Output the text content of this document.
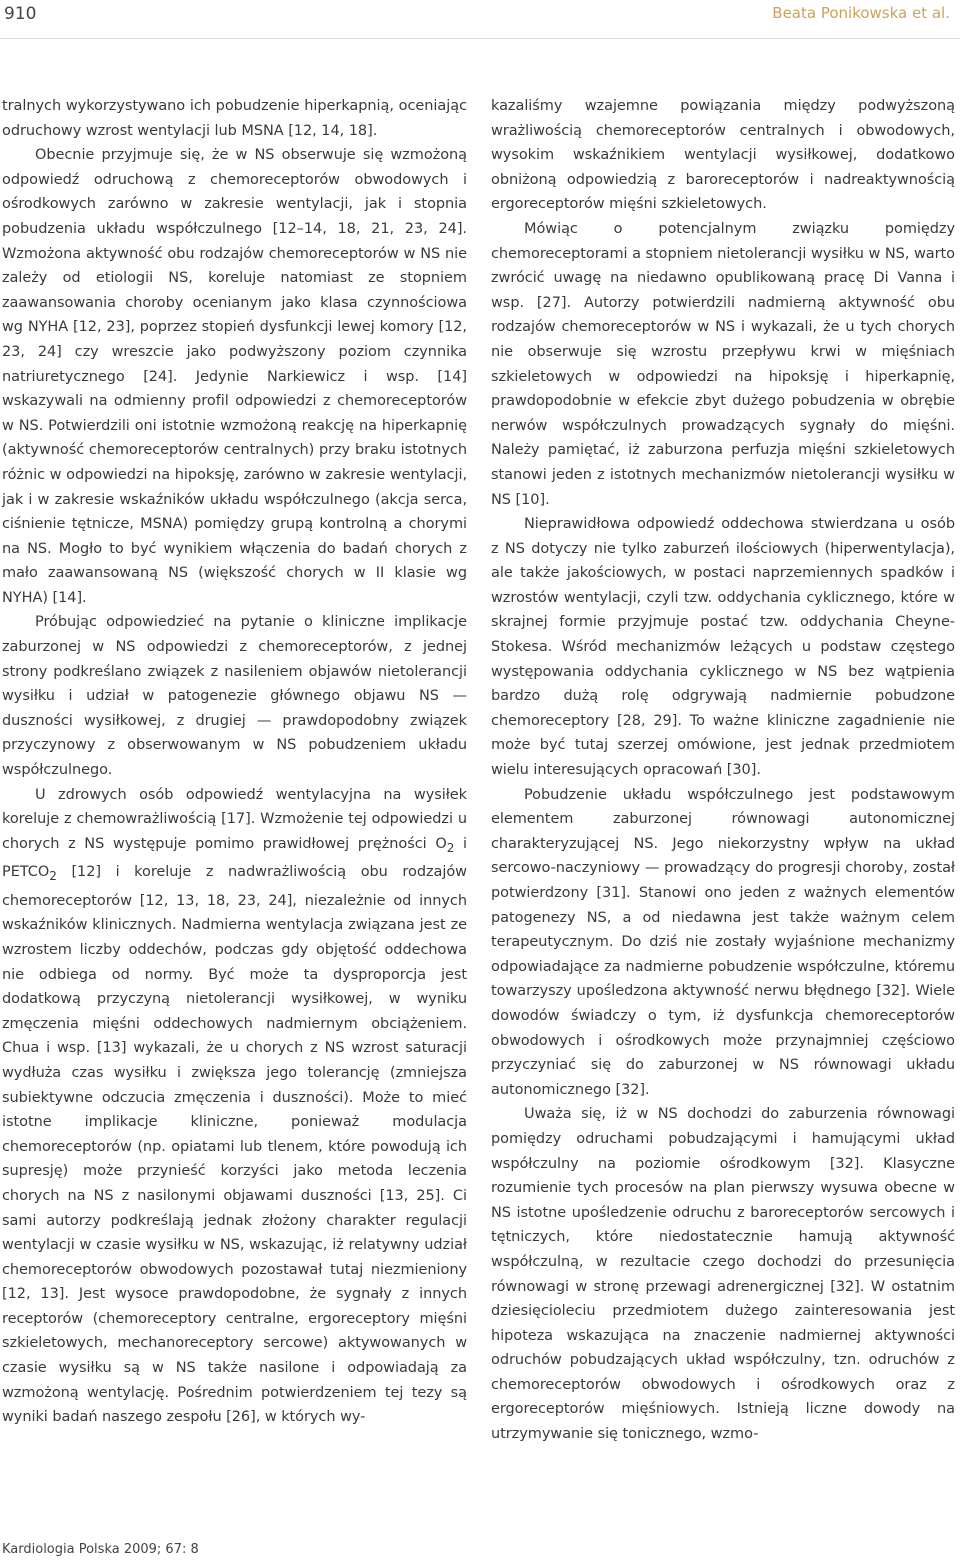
910	Beata Ponikowska et al.

tralnych wykorzystywano ich pobudzenie hiperkapnią, oceniając odruchowy wzrost wentylacji lub MSNA [12, 14, 18].

Obecnie przyjmuje się, że w NS obserwuje się wzmożoną odpowiedź odruchową z chemoreceptorów obwodowych i ośrodkowych zarówno w zakresie wentylacji, jak i stopnia pobudzenia układu współczulnego [12–14, 18, 21, 23, 24]. Wzmożona aktywność obu rodzajów chemoreceptorów w NS nie zależy od etiologii NS, koreluje natomiast ze stopniem zaawansowania choroby ocenianym jako klasa czynnościowa wg NYHA [12, 23], poprzez stopień dysfunkcji lewej komory [12, 23, 24] czy wreszcie jako podwyższony poziom czynnika natriuretycznego [24]. Jedynie Narkiewicz i wsp. [14] wskazywali na odmienny profil odpowiedzi z chemoreceptorów w NS. Potwierdzili oni istotnie wzmożoną reakcję na hiperkapnię (aktywność chemoreceptorów centralnych) przy braku istotnych różnic w odpowiedzi na hipoksję, zarówno w zakresie wentylacji, jak i w zakresie wskaźników układu współczulnego (akcja serca, ciśnienie tętnicze, MSNA) pomiędzy grupą kontrolną a chorymi na NS. Mogło to być wynikiem włączenia do badań chorych z mało zaawansowaną NS (większość chorych w II klasie wg NYHA) [14].

Próbując odpowiedzieć na pytanie o kliniczne implikacje zaburzonej w NS odpowiedzi z chemoreceptorów, z jednej strony podkreślano związek z nasileniem objawów nietolerancji wysiłku i udział w patogenezie głównego objawu NS — duszności wysiłkowej, z drugiej — prawdopodobny związek przyczynowy z obserwowanym w NS pobudzeniem układu współczulnego.

U zdrowych osób odpowiedź wentylacyjna na wysiłek koreluje z chemowrażliwością [17]. Wzmożenie tej odpowiedzi u chorych z NS występuje pomimo prawidłowej prężności $O_2$ i $PETCO_2$ [12] i koreluje z nadwrażliwością obu rodzajów chemoreceptorów [12, 13, 18, 23, 24], niezależnie od innych wskaźników klinicznych. Nadmierna wentylacja związana jest ze wzrostem liczby oddechów, podczas gdy objętość oddechowa nie odbiega od normy. Być może ta dysproporcja jest dodatkową przyczyną nietolerancji wysiłkowej, w wyniku zmęczenia mięśni oddechowych nadmiernym obciążeniem. Chua i wsp. [13] wykazali, że u chorych z NS wzrost saturacji wydłuża czas wysiłku i zwiększa jego tolerancję (zmniejsza subiektywne odczucia zmęczenia i duszności). Może to mieć istotne implikacje kliniczne, ponieważ modulacja chemoreceptorów (np. opiatami lub tlenem, które powodują ich supresję) może przynieść korzyści jako metoda leczenia chorych na NS z nasilonymi objawami duszności [13, 25]. Ci sami autorzy podkreślają jednak złożony charakter regulacji wentylacji w czasie wysiłku w NS, wskazując, iż relatywny udział chemoreceptorów obwodowych pozostawał tutaj niezmieniony [12, 13]. Jest wysoce prawdopodobne, że sygnały z innych receptorów (chemoreceptory centralne, ergoreceptory mięśni szkieletowych, mechanoreceptory sercowe) aktywowanych w czasie wysiłku są w NS także nasilone i odpowiadają za wzmożoną wentylację. Pośrednim potwierdzeniem tej tezy są wyniki badań naszego zespołu [26], w których wy-

kazaliśmy wzajemne powiązania między podwyższoną wrażliwością chemoreceptorów centralnych i obwodowych, wysokim wskaźnikiem wentylacji wysiłkowej, dodatkowo obniżoną odpowiedzią z baroreceptorów i nadreaktywnością ergoreceptorów mięśni szkieletowych.

Mówiąc o potencjalnym związku pomiędzy chemoreceptorami a stopniem nietolerancji wysiłku w NS, warto zwrócić uwagę na niedawno opublikowaną pracę Di Vanna i wsp. [27]. Autorzy potwierdzili nadmierną aktywność obu rodzajów chemoreceptorów w NS i wykazali, że u tych chorych nie obserwuje się wzrostu przepływu krwi w mięśniach szkieletowych w odpowiedzi na hipoksję i hiperkapnię, prawdopodobnie w efekcie zbyt dużego pobudzenia w obrębie nerwów współczulnych prowadzących sygnały do mięśni. Należy pamiętać, iż zaburzona perfuzja mięśni szkieletowych stanowi jeden z istotnych mechanizmów nietolerancji wysiłku w NS [10].

Nieprawidłowa odpowiedź oddechowa stwierdzana u osób z NS dotyczy nie tylko zaburzeń ilościowych (hiperwentylacja), ale także jakościowych, w postaci naprzemiennych spadków i wzrostów wentylacji, czyli tzw. oddychania cyklicznego, które w skrajnej formie przyjmuje postać tzw. oddychania Cheyne-Stokesa. Wśród mechanizmów leżących u podstaw częstego występowania oddychania cyklicznego w NS bez wątpienia bardzo dużą rolę odgrywają nadmiernie pobudzone chemoreceptory [28, 29]. To ważne kliniczne zagadnienie nie może być tutaj szerzej omówione, jest jednak przedmiotem wielu interesujących opracowań [30].

Pobudzenie układu współczulnego jest podstawowym elementem zaburzonej równowagi autonomicznej charakteryzującej NS. Jego niekorzystny wpływ na układ sercowo-naczyniowy — prowadzący do progresji choroby, został potwierdzony [31]. Stanowi ono jeden z ważnych elementów patogenezy NS, a od niedawna jest także ważnym celem terapeutycznym. Do dziś nie zostały wyjaśnione mechanizmy odpowiadające za nadmierne pobudzenie współczulne, któremu towarzyszy upośledzona aktywność nerwu błędnego [32]. Wiele dowodów świadczy o tym, iż dysfunkcja chemoreceptorów obwodowych i ośrodkowych może przynajmniej częściowo przyczyniać się do zaburzonej w NS równowagi układu autonomicznego [32].

Uważa się, iż w NS dochodzi do zaburzenia równowagi pomiędzy odruchami pobudzającymi i hamującymi układ współczulny na poziomie ośrodkowym [32]. Klasyczne rozumienie tych procesów na plan pierwszy wysuwa obecne w NS istotne upośledzenie odruchu z baroreceptorów sercowych i tętniczych, które niedostatecznie hamują aktywność współczulną, w rezultacie czego dochodzi do przesunięcia równowagi w stronę przewagi adrenergicznej [32]. W ostatnim dziesięcioleciu przedmiotem dużego zainteresowania jest hipoteza wskazująca na znaczenie nadmiernej aktywności odruchów pobudzających układ współczulny, tzn. odruchów z chemoreceptorów obwodowych i ośrodkowych oraz z ergoreceptorów mięśniowych. Istnieją liczne dowody na utrzymywanie się tonicznego, wzmo-

Kardiologia Polska 2009; 67: 8
